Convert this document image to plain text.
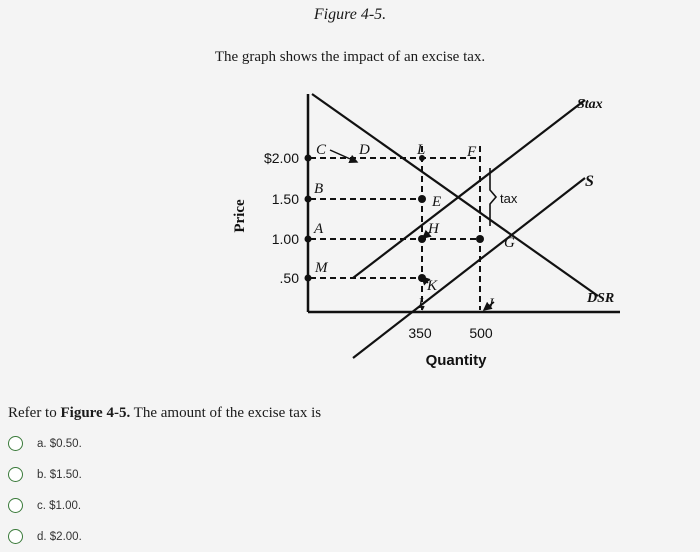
Figure 4-5.
The graph shows the impact of an excise tax.
$2.00
1.50
1.00
.50
350	500
Quantity
Price
Stax
S
DSR
C D	L	F
B
E
A	H
G
M
K
I	J
tax
Refer to Figure 4-5. The amount of the excise tax is
a. $0.50.
b. $1.50.
c. $1.00.
d. $2.00.
